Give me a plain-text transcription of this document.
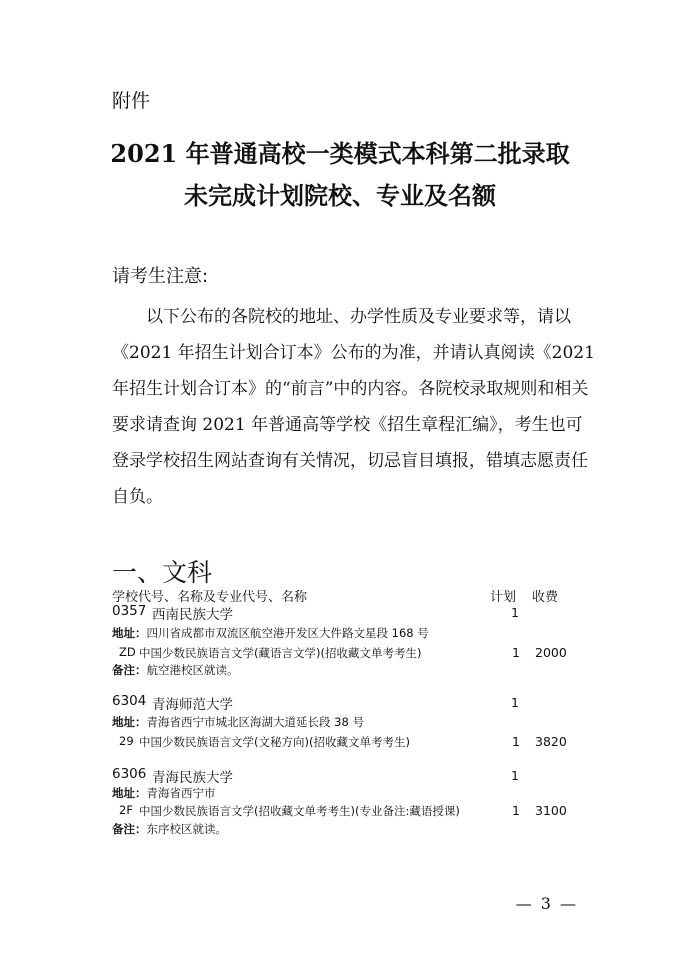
附件
2021 年普通高校一类模式本科第二批录取
未完成计划院校、专业及名额
请考生注意:
　　以下公布的各院校的地址、办学性质及专业要求等，请以
《2021 年招生计划合订本》公布的为准，并请认真阅读《2021
年招生计划合订本》的“前言”中的内容。各院校录取规则和相关
要求请查询 2021 年普通高等学校《招生章程汇编》，考生也可
登录学校招生网站查询有关情况，切忌盲目填报，错填志愿责任
自负。
一、文科
学校代号、名称及专业代号、名称	计划 收费
0357 西南民族大学	1
地址：四川省成都市双流区航空港开发区大件路文星段 168 号
ZD 中国少数民族语言文学(藏语言文学)(招收藏文单考考生)	1 2000
备注：航空港校区就读。
6304 青海师范大学	1
地址：青海省西宁市城北区海湖大道延长段 38 号
29 中国少数民族语言文学(文秘方向)(招收藏文单考考生)	1 3820
6306 青海民族大学	1
地址：青海省西宁市
2F 中国少数民族语言文学(招收藏文单考考生)(专业备注:藏语授课)	1 3100
备注：东序校区就读。
— 3 —
